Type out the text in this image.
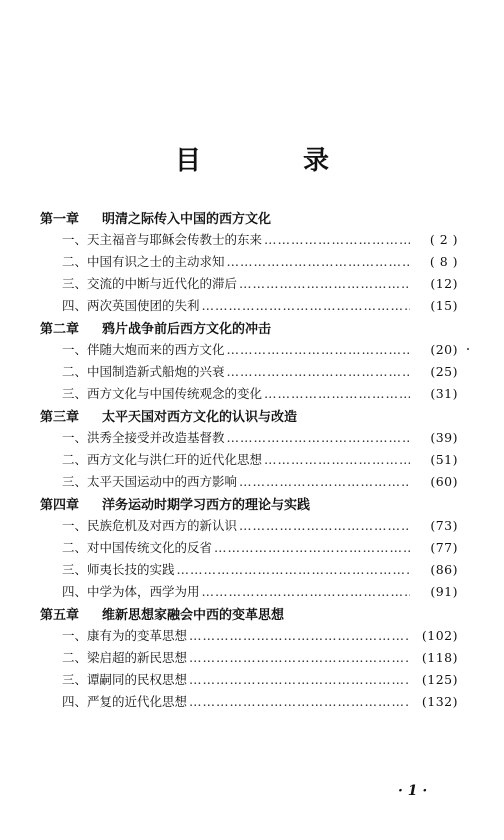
目　录
第一章	明清之际传入中国的西方文化
一、 天主福音与耶稣会传教士的东来 ……………………………………………………………………………………………………………………………………	( 2 )
二、 中国有识之士的主动求知 ……………………………………………………………………………………………………………………………………	( 8 )
三、 交流的中断与近代化的滞后 ……………………………………………………………………………………………………………………………………	(12)
四、 两次英国使团的失利 ……………………………………………………………………………………………………………………………………	(15)
第二章	鸦片战争前后西方文化的冲击
一、 伴随大炮而来的西方文化 ……………………………………………………………………………………………………………………………………	(20)
二、 中国制造新式船炮的兴衰 ……………………………………………………………………………………………………………………………………	(25)
三、 西方文化与中国传统观念的变化 ……………………………………………………………………………………………………………………………………	(31)
第三章	太平天国对西方文化的认识与改造
一、 洪秀全接受并改造基督教 ……………………………………………………………………………………………………………………………………	(39)
二、 西方文化与洪仁玕的近代化思想 ……………………………………………………………………………………………………………………………………	(51)
三、 太平天国运动中的西方影响 ……………………………………………………………………………………………………………………………………	(60)
第四章	洋务运动时期学习西方的理论与实践
一、 民族危机及对西方的新认识 ……………………………………………………………………………………………………………………………………	(73)
二、 对中国传统文化的反省 ……………………………………………………………………………………………………………………………………	(77)
三、 师夷长技的实践 ……………………………………………………………………………………………………………………………………	(86)
四、 中学为体，西学为用 ……………………………………………………………………………………………………………………………………	(91)
第五章	维新思想家融会中西的变革思想
一、 康有为的变革思想 ……………………………………………………………………………………………………………………………………	(102)
二、 梁启超的新民思想 ……………………………………………………………………………………………………………………………………	(118)
三、 谭嗣同的民权思想 ……………………………………………………………………………………………………………………………………	(125)
四、 严复的近代化思想 ……………………………………………………………………………………………………………………………………	(132)
· 1 ·
